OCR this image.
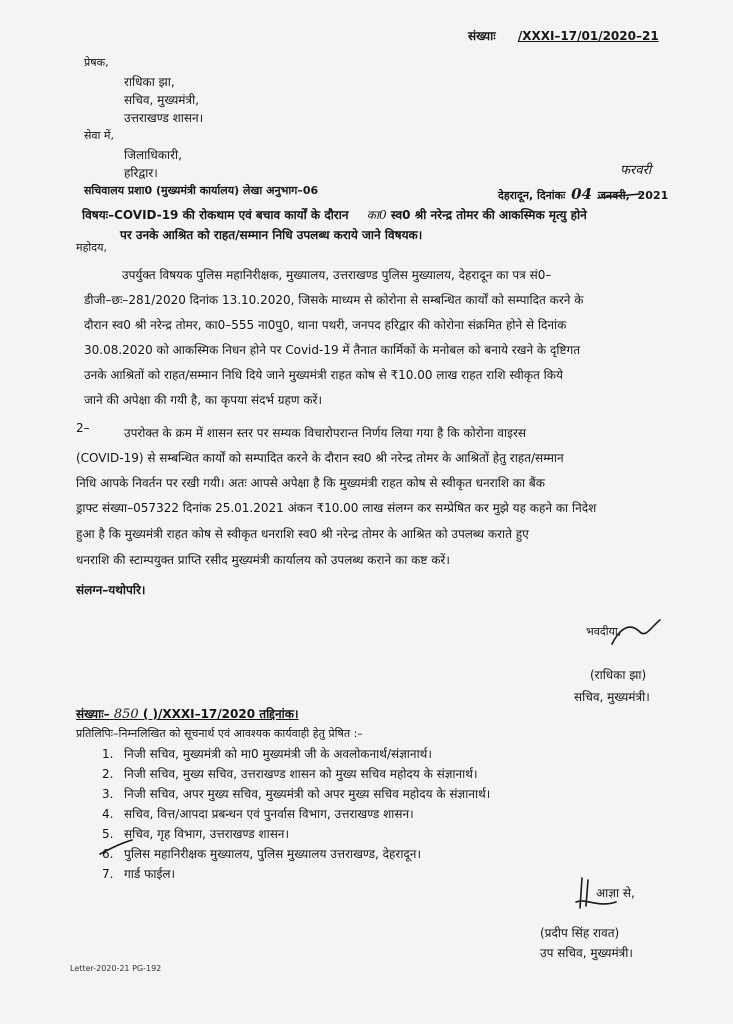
संख्याः /XXXI–17/01/2020–21
प्रेषक,
राधिका झा,
सचिव, मुख्यमंत्री,
उत्तराखण्ड शासन।
सेवा में,
जिलाधिकारी,
हरिद्वार।
सचिवालय प्रशा0 (मुख्यमंत्री कार्यालय) लेखा अनुभाग–06	देहरादून, दिनांकः 04 जनवरी, 2021
फरवरी
विषयः–COVID-19 की रोकथाम एवं बचाव कार्यों के दौरान का0 स्व0 श्री नरेन्द्र तोमर की आकस्मिक मृत्यु होने
पर उनके आश्रित को राहत/सम्मान निधि उपलब्ध कराये जाने विषयक।
महोदय,
उपर्युक्त विषयक पुलिस महानिरीक्षक, मुख्यालय, उत्तराखण्ड पुलिस मुख्यालय, देहरादून का पत्र सं0–
डीजी–छः–281/2020 दिनांक 13.10.2020, जिसके माध्यम से कोरोना से सम्बन्धित कार्यों को सम्पादित करने के
दौरान स्व0 श्री नरेन्द्र तोमर, का0–555 ना0पु0, थाना पथरी, जनपद हरिद्वार की कोरोना संक्रमित होने से दिनांक
30.08.2020 को आकस्मिक निधन होने पर Covid-19 में तैनात कार्मिकों के मनोबल को बनाये रखने के दृष्टिगत
उनके आश्रितों को राहत/सम्मान निधि दिये जाने मुख्यमंत्री राहत कोष से ₹10.00 लाख राहत राशि स्वीकृत किये
जाने की अपेक्षा की गयी है, का कृपया संदर्भ ग्रहण करें।
2–	उपरोक्त के क्रम में शासन स्तर पर सम्यक विचारोपरान्त निर्णय लिया गया है कि कोरोना वाइरस
(COVID-19) से सम्बन्धित कार्यों को सम्पादित करने के दौरान स्व0 श्री नरेन्द्र तोमर के आश्रितों हेतु राहत/सम्मान
निधि आपके निवर्तन पर रखी गयी। अतः आपसे अपेक्षा है कि मुख्यमंत्री राहत कोष से स्वीकृत धनराशि का बैंक
ड्राफ्ट संख्या–057322 दिनांक 25.01.2021 अंकन ₹10.00 लाख संलग्न कर सम्प्रेषित कर मुझे यह कहने का निदेश
हुआ है कि मुख्यमंत्री राहत कोष से स्वीकृत धनराशि स्व0 श्री नरेन्द्र तोमर के आश्रित को उपलब्ध कराते हुए
धनराशि की स्टाम्पयुक्त प्राप्ति रसीद मुख्यमंत्री कार्यालय को उपलब्ध कराने का कष्ट करें।
संलग्न–यथोपरि।
भवदीया,
(राधिका झा)
सचिव, मुख्यमंत्री।
संख्याः– 850 ( )/XXXI–17/2020 तद्दिनांक।
प्रतिलिपिः–निम्नलिखित को सूचनार्थ एवं आवश्यक कार्यवाही हेतु प्रेषित :–
1. निजी सचिव, मुख्यमंत्री को मा0 मुख्यमंत्री जी के अवलोकनार्थ/संज्ञानार्थ।
2. निजी सचिव, मुख्य सचिव, उत्तराखण्ड शासन को मुख्य सचिव महोदय के संज्ञानार्थ।
3. निजी सचिव, अपर मुख्य सचिव, मुख्यमंत्री को अपर मुख्य सचिव महोदय के संज्ञानार्थ।
4. सचिव, वित्त/आपदा प्रबन्धन एवं पुनर्वास विभाग, उत्तराखण्ड शासन।
5. सचिव, गृह विभाग, उत्तराखण्ड शासन।
6. पुलिस महानिरीक्षक मुख्यालय, पुलिस मुख्यालय उत्तराखण्ड, देहरादून।
7. गार्ड फाईल।
आज्ञा से,
(प्रदीप सिंह रावत)
उप सचिव, मुख्यमंत्री।
Letter-2020-21 PG-192
